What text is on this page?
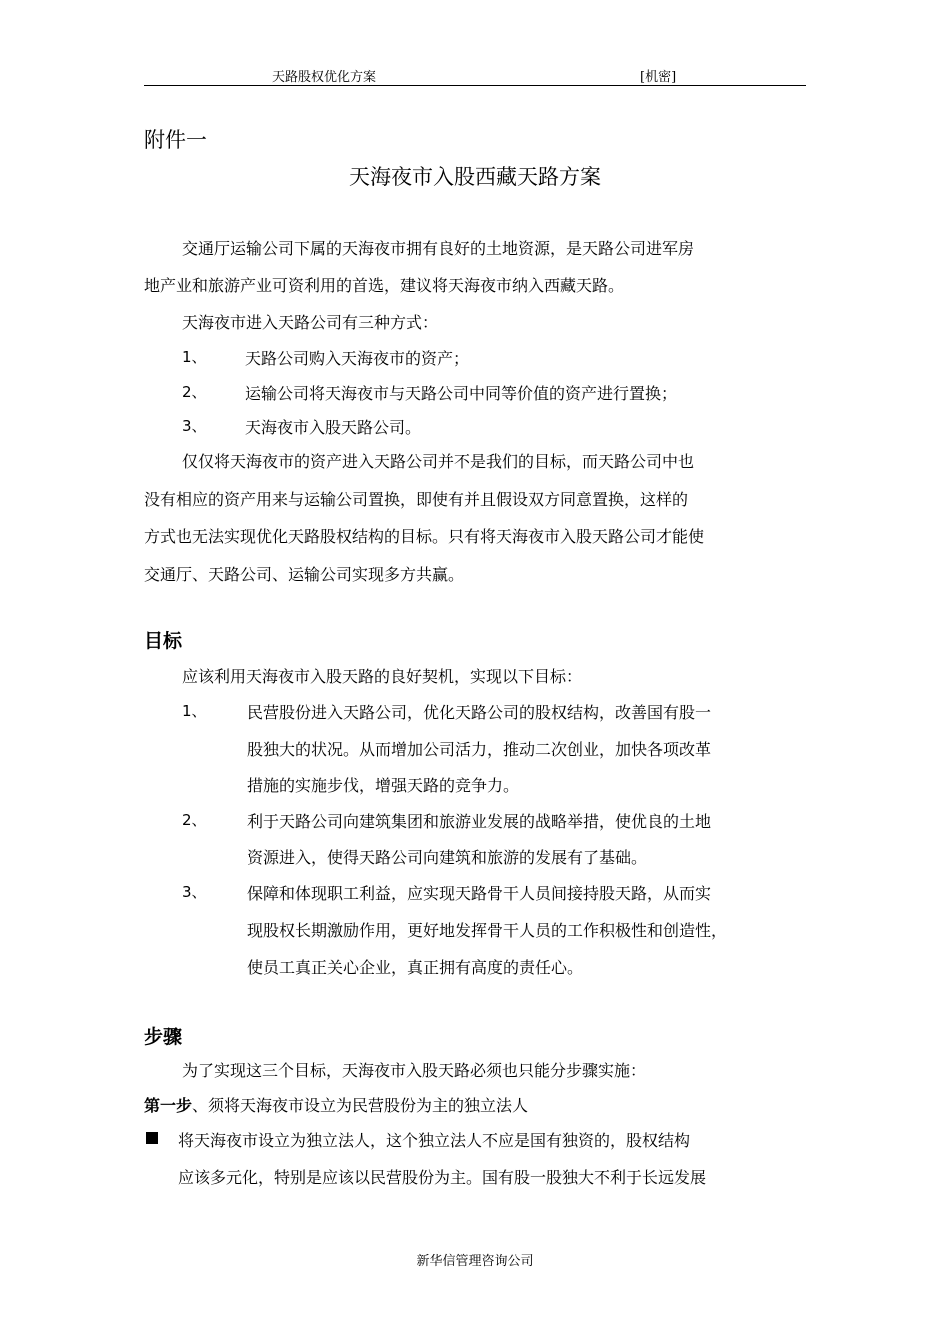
天路股权优化方案	[机密]
附件一
天海夜市入股西藏天路方案
交通厅运输公司下属的天海夜市拥有良好的土地资源，是天路公司进军房
地产业和旅游产业可资利用的首选，建议将天海夜市纳入西藏天路。
天海夜市进入天路公司有三种方式：
1、 天路公司购入天海夜市的资产；
2、 运输公司将天海夜市与天路公司中同等价值的资产进行置换；
3、 天海夜市入股天路公司。
仅仅将天海夜市的资产进入天路公司并不是我们的目标，而天路公司中也
没有相应的资产用来与运输公司置换，即使有并且假设双方同意置换，这样的
方式也无法实现优化天路股权结构的目标。只有将天海夜市入股天路公司才能使
交通厅、天路公司、运输公司实现多方共赢。
目标
应该利用天海夜市入股天路的良好契机，实现以下目标：
1、	民营股份进入天路公司，优化天路公司的股权结构，改善国有股一
股独大的状况。从而增加公司活力，推动二次创业，加快各项改革
措施的实施步伐，增强天路的竞争力。
2、	利于天路公司向建筑集团和旅游业发展的战略举措，使优良的土地
资源进入，使得天路公司向建筑和旅游的发展有了基础。
3、	保障和体现职工利益，应实现天路骨干人员间接持股天路，从而实
现股权长期激励作用，更好地发挥骨干人员的工作积极性和创造性，
使员工真正关心企业，真正拥有高度的责任心。
步骤
为了实现这三个目标，天海夜市入股天路必须也只能分步骤实施：
第一步、须将天海夜市设立为民营股份为主的独立法人
将天海夜市设立为独立法人，这个独立法人不应是国有独资的，股权结构
应该多元化，特别是应该以民营股份为主。国有股一股独大不利于长远发展
新华信管理咨询公司
